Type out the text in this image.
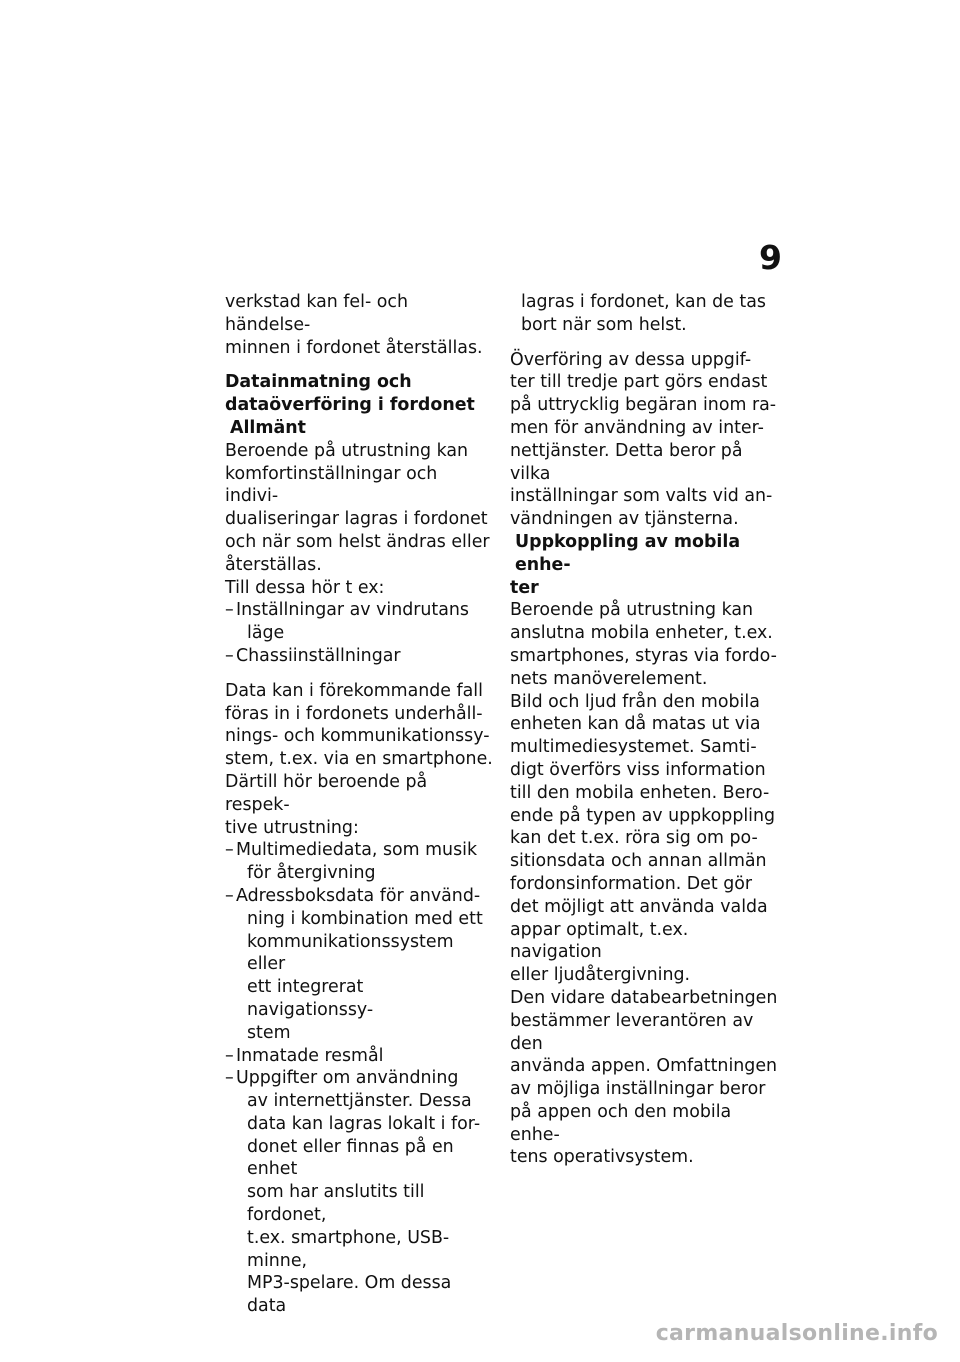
9

verkstad kan fel- och händelse-
minnen i fordonet återställas.

Datainmatning och
dataöverföring i fordonet

Allmänt

Beroende på utrustning kan
komfortinställningar och indivi-
dualiseringar lagras i fordonet
och när som helst ändras eller
återställas.

Till dessa hör t ex:

– Inställningar av vindrutans
läge
– Chassiinställningar

Data kan i förekommande fall
föras in i fordonets underhåll-
nings- och kommunikationssy-
stem, t.ex. via en smartphone.
Därtill hör beroende på respek-
tive utrustning:

– Multimediedata, som musik
för återgivning
– Adressboksdata för använd-
ning i kombination med ett
kommunikationssystem eller
ett integrerat navigationssy-
stem
– Inmatade resmål
– Uppgifter om användning
av internettjänster. Dessa
data kan lagras lokalt i for-
donet eller finnas på en enhet
som har anslutits till fordonet,
t.ex. smartphone, USB-minne,
MP3-spelare. Om dessa data

lagras i fordonet, kan de tas
bort när som helst.

Överföring av dessa uppgif-
ter till tredje part görs endast
på uttrycklig begäran inom ra-
men för användning av inter-
nettjänster. Detta beror på vilka
inställningar som valts vid an-
vändningen av tjänsterna.

Uppkoppling av mobila enhe-
ter

Beroende på utrustning kan
anslutna mobila enheter, t.ex.
smartphones, styras via fordo-
nets manöverelement.

Bild och ljud från den mobila
enheten kan då matas ut via
multimediesystemet. Samti-
digt överförs viss information
till den mobila enheten. Bero-
ende på typen av uppkoppling
kan det t.ex. röra sig om po-
sitionsdata och annan allmän
fordonsinformation. Det gör
det möjligt att använda valda
appar optimalt, t.ex. navigation
eller ljudåtergivning.

Den vidare databearbetningen
bestämmer leverantören av den
använda appen. Omfattningen
av möjliga inställningar beror
på appen och den mobila enhe-
tens operativsystem.

carmanualsonline.info
